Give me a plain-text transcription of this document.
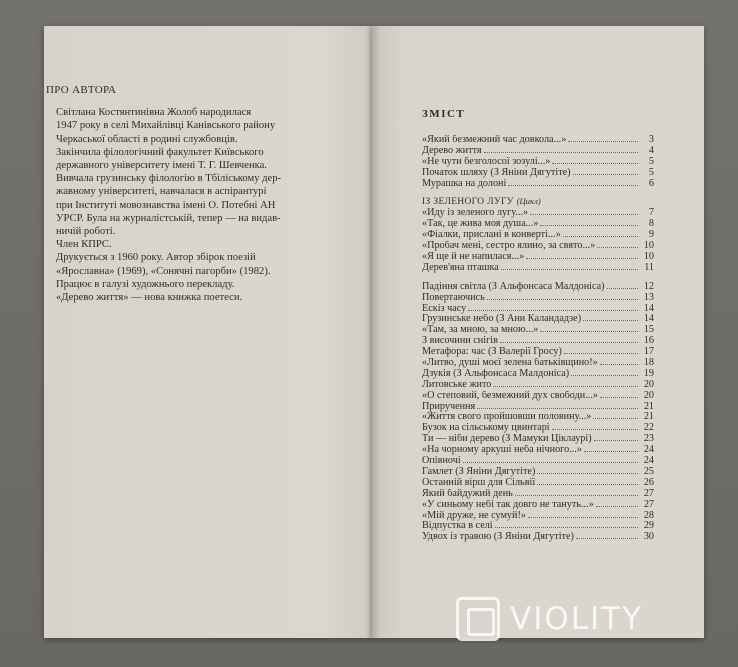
ПРО АВТОРА

Світлана Костянтинівна Жолоб народилася
1947 року в селі Михайлівці Канівського району
Черкаської області в родині службовців.

Закінчила філологічний факультет Київського
державного університету імені Т. Г. Шевченка.
Вивчала грузинську філологію в Тбіліському дер-
жавному університеті, навчалася в аспірантурі
при Інституті мовознавства імені О. Потебні АН
УРСР. Була на журналістській, тепер — на видав-
ничій роботі.

Член КПРС.

Друкується з 1960 року. Автор збірок поезій
«Ярославна» (1969), «Сонячні пагорби» (1982).
Працює в галузі художнього перекладу.

«Дерево життя» — нова книжка поетеси.

ЗМІСТ
«Який безмежний час довкола...»	3
Дерево життя	4
«Не чути безголосої зозулі...»	5
Початок шляху (З Яніни Дягутіте)	5
Мурашка на долоні	6
ІЗ ЗЕЛЕНОГО ЛУГУ (Цикл)
«Йду із зеленого лугу...»	7
«Так, це жива моя душа...»	8
«Фіалки, прислані в конверті...»	9
«Пробач мені, сестро ялино, за свято...»	10
«Я ще й не напилася...»	10
Дерев'яна пташка	11
Падіння світла (З Альфонсаса Малдоніса)	12
Повертаючись	13
Ескіз часу	14
Грузинське небо (З Ани Каландадзе)	14
«Там, за мною, за мною...»	15
З височини снігів	16
Метафора: час (З Валерії Гросу)	17
«Литво, душі моєї зелена батьківщино!»	18
Дзукія (З Альфонсаса Малдоніса)	19
Литовське жито	20
«О степовий, безмежний дух свободи...»	20
Приручення	21
«Життя свого пройшовши половину...»	21
Бузок на сільському цвинтарі	22
Ти — ніби дерево (З Мамуки Ціклаурі)	23
«На чорному аркуші неба нічного...»	24
Опівночі	24
Гамлет (З Яніни Дягутіте)	25
Останній вірш для Сільвії	26
Який байдужий день	27
«У синьому небі так довго не тануть...»	27
«Мій друже, не сумуй!»	28
Відпустка в селі	29
Удвох із травою (З Яніни Дягутіте)	30
VIOLITY
